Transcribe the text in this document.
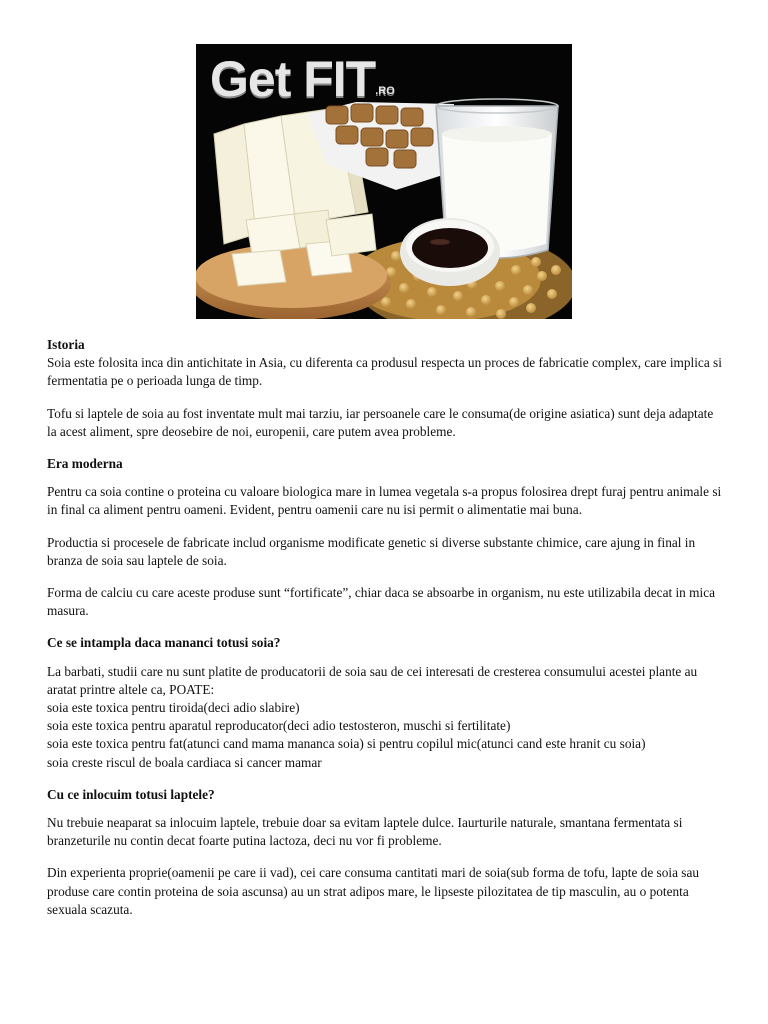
Get FIT.RO
Istoria

Soia este folosita inca din antichitate in Asia, cu diferenta ca produsul respecta un proces de fabricatie complex, care implica si fermentatia pe o perioada lunga de timp.

Tofu si laptele de soia au fost inventate mult mai tarziu, iar persoanele care le consuma(de origine asiatica) sunt deja adaptate la acest aliment, spre deosebire de noi, europenii, care putem avea probleme.

Era moderna

Pentru ca soia contine o proteina cu valoare biologica mare in lumea vegetala s-a propus folosirea drept furaj pentru animale si in final ca aliment pentru oameni. Evident, pentru oamenii care nu isi permit o alimentatie mai buna.

Productia si procesele de fabricate includ organisme modificate genetic si diverse substante chimice, care ajung in final in branza de soia sau laptele de soia.

Forma de calciu cu care aceste produse sunt “fortificate”, chiar daca se absoarbe in organism, nu este utilizabila decat in mica masura.

Ce se intampla daca mananci totusi soia?

La barbati, studii care nu sunt platite de producatorii de soia sau de cei interesati de cresterea consumului acestei plante au aratat printre altele ca, POATE:
soia este toxica pentru tiroida(deci adio slabire)
soia este toxica pentru aparatul reproducator(deci adio testosteron, muschi si fertilitate)
soia este toxica pentru fat(atunci cand mama mananca soia) si pentru copilul mic(atunci cand este hranit cu soia)
soia creste riscul de boala cardiaca si cancer mamar

Cu ce inlocuim totusi laptele?

Nu trebuie neaparat sa inlocuim laptele, trebuie doar sa evitam laptele dulce. Iaurturile naturale, smantana fermentata si branzeturile nu contin decat foarte putina lactoza, deci nu vor fi probleme.

Din experienta proprie(oamenii pe care ii vad), cei care consuma cantitati mari de soia(sub forma de tofu, lapte de soia sau produse care contin proteina de soia ascunsa) au un strat adipos mare, le lipseste pilozitatea de tip masculin, au o potenta sexuala scazuta.
